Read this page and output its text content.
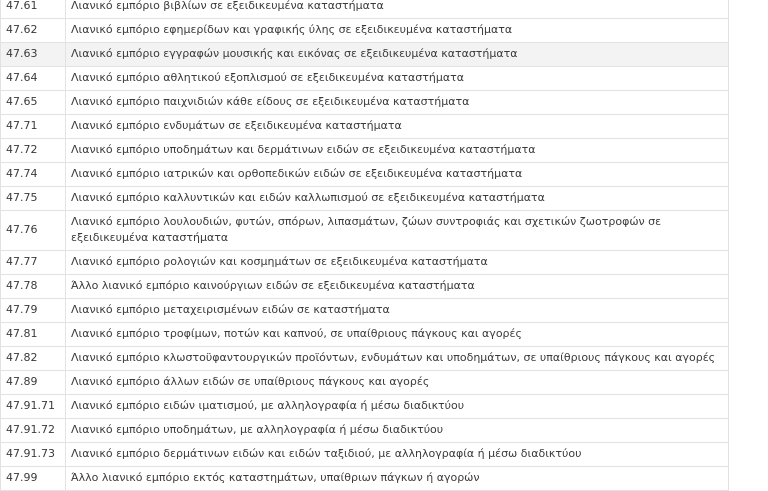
47.61	Λιανικό εμπόριο βιβλίων σε εξειδικευμένα καταστήματα
47.62	Λιανικό εμπόριο εφημερίδων και γραφικής ύλης σε εξειδικευμένα καταστήματα
47.63	Λιανικό εμπόριο εγγραφών μουσικής και εικόνας σε εξειδικευμένα καταστήματα
47.64	Λιανικό εμπόριο αθλητικού εξοπλισμού σε εξειδικευμένα καταστήματα
47.65	Λιανικό εμπόριο παιχνιδιών κάθε είδους σε εξειδικευμένα καταστήματα
47.71	Λιανικό εμπόριο ενδυμάτων σε εξειδικευμένα καταστήματα
47.72	Λιανικό εμπόριο υποδημάτων και δερμάτινων ειδών σε εξειδικευμένα καταστήματα
47.74	Λιανικό εμπόριο ιατρικών και ορθοπεδικών ειδών σε εξειδικευμένα καταστήματα
47.75	Λιανικό εμπόριο καλλυντικών και ειδών καλλωπισμού σε εξειδικευμένα καταστήματα
47.76	Λιανικό εμπόριο λουλουδιών, φυτών, σπόρων, λιπασμάτων, ζώων συντροφιάς και σχετικών ζωοτροφών σε εξειδικευμένα καταστήματα
47.77	Λιανικό εμπόριο ρολογιών και κοσμημάτων σε εξειδικευμένα καταστήματα
47.78	Άλλο λιανικό εμπόριο καινούργιων ειδών σε εξειδικευμένα καταστήματα
47.79	Λιανικό εμπόριο μεταχειρισμένων ειδών σε καταστήματα
47.81	Λιανικό εμπόριο τροφίμων, ποτών και καπνού, σε υπαίθριους πάγκους και αγορές
47.82	Λιανικό εμπόριο κλωστοϋφαντουργικών προϊόντων, ενδυμάτων και υποδημάτων, σε υπαίθριους πάγκους και αγορές
47.89	Λιανικό εμπόριο άλλων ειδών σε υπαίθριους πάγκους και αγορές
47.91.71	Λιανικό εμπόριο ειδών ιματισμού, με αλληλογραφία ή μέσω διαδικτύου
47.91.72	Λιανικό εμπόριο υποδημάτων, με αλληλογραφία ή μέσω διαδικτύου
47.91.73	Λιανικό εμπόριο δερμάτινων ειδών και ειδών ταξιδιού, με αλληλογραφία ή μέσω διαδικτύου
47.99	Άλλο λιανικό εμπόριο εκτός καταστημάτων, υπαίθριων πάγκων ή αγορών
